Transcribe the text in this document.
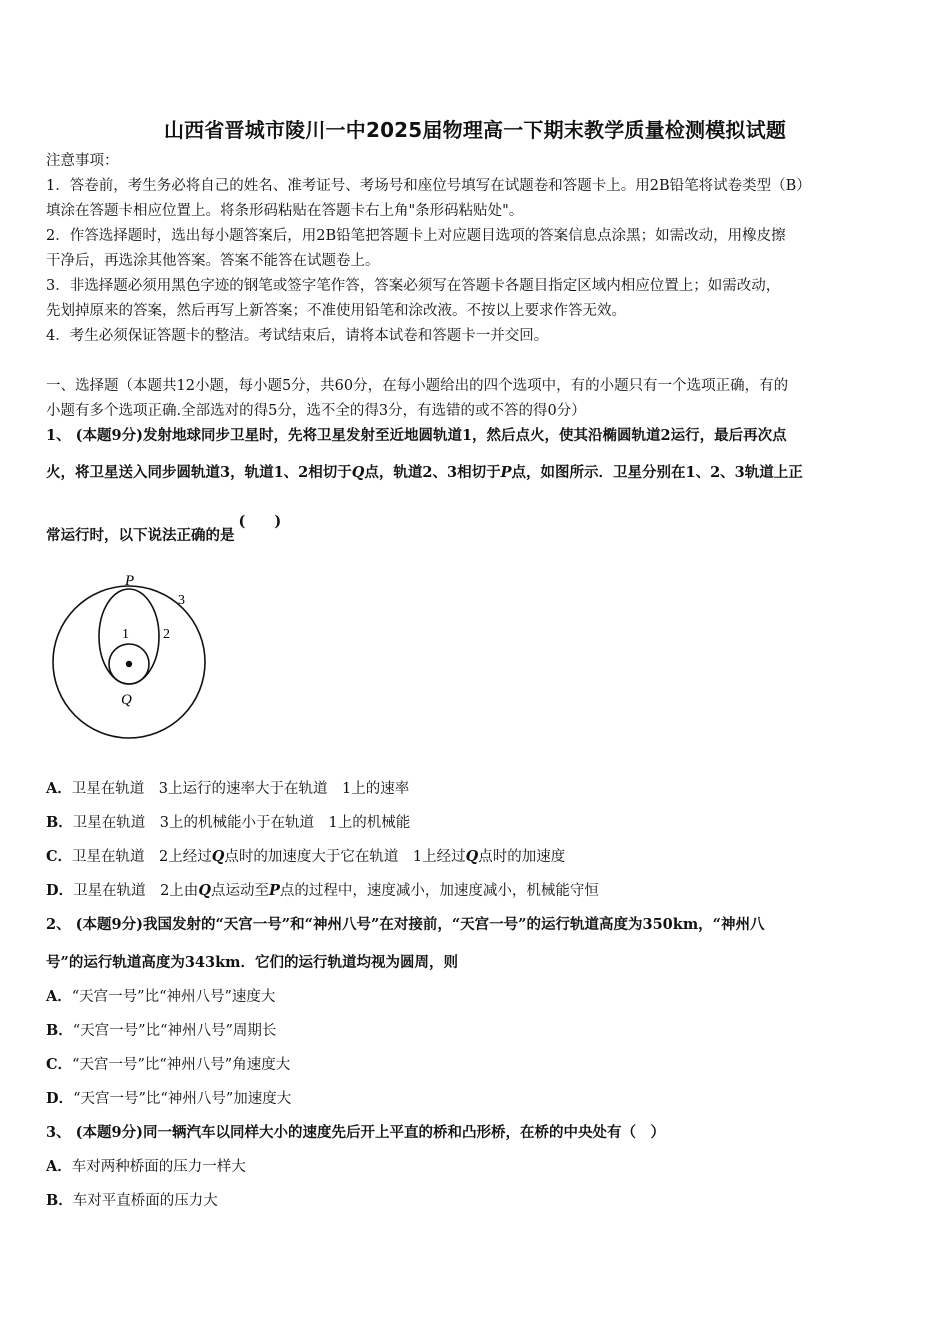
山西省晋城市陵川一中2025届物理高一下期末教学质量检测模拟试题
注意事项：
1．答卷前，考生务必将自己的姓名、准考证号、考场号和座位号填写在试题卷和答题卡上。用2B铅笔将试卷类型（B）
填涂在答题卡相应位置上。将条形码粘贴在答题卡右上角"条形码粘贴处"。
2．作答选择题时，选出每小题答案后，用2B铅笔把答题卡上对应题目选项的答案信息点涂黑；如需改动，用橡皮擦
干净后，再选涂其他答案。答案不能答在试题卷上。
3．非选择题必须用黑色字迹的钢笔或签字笔作答，答案必须写在答题卡各题目指定区域内相应位置上；如需改动，
先划掉原来的答案，然后再写上新答案；不准使用铅笔和涂改液。不按以上要求作答无效。
4．考生必须保证答题卡的整洁。考试结束后，请将本试卷和答题卡一并交回。
一、选择题（本题共12小题，每小题5分，共60分，在每小题给出的四个选项中，有的小题只有一个选项正确，有的
小题有多个选项正确.全部选对的得5分，选不全的得3分，有选错的或不答的得0分）
1、 (本题9分)发射地球同步卫星时，先将卫星发射至近地圆轨道1，然后点火，使其沿椭圆轨道2运行，最后再次点
火，将卫星送入同步圆轨道3，轨道1、2相切于Q点，轨道2、3相切于P点，如图所示．卫星分别在1、2、3轨道上正
常运行时，以下说法正确的是(　　)
P
Q
1 2
3
A．卫星在轨道　3上运行的速率大于在轨道　1上的速率
B．卫星在轨道　3上的机械能小于在轨道　1上的机械能
C．卫星在轨道　2上经过Q点时的加速度大于它在轨道　1上经过Q点时的加速度
D．卫星在轨道　2上由Q点运动至P点的过程中，速度减小，加速度减小，机械能守恒
2、 (本题9分)我国发射的“天宫一号”和“神州八号”在对接前，“天宫一号”的运行轨道高度为350km，“神州八
号”的运行轨道高度为343km．它们的运行轨道均视为圆周，则
A．“天宫一号”比“神州八号”速度大
B．“天宫一号”比“神州八号”周期长
C．“天宫一号”比“神州八号”角速度大
D．“天宫一号”比“神州八号”加速度大
3、 (本题9分)同一辆汽车以同样大小的速度先后开上平直的桥和凸形桥，在桥的中央处有（　）
A．车对两种桥面的压力一样大
B．车对平直桥面的压力大
